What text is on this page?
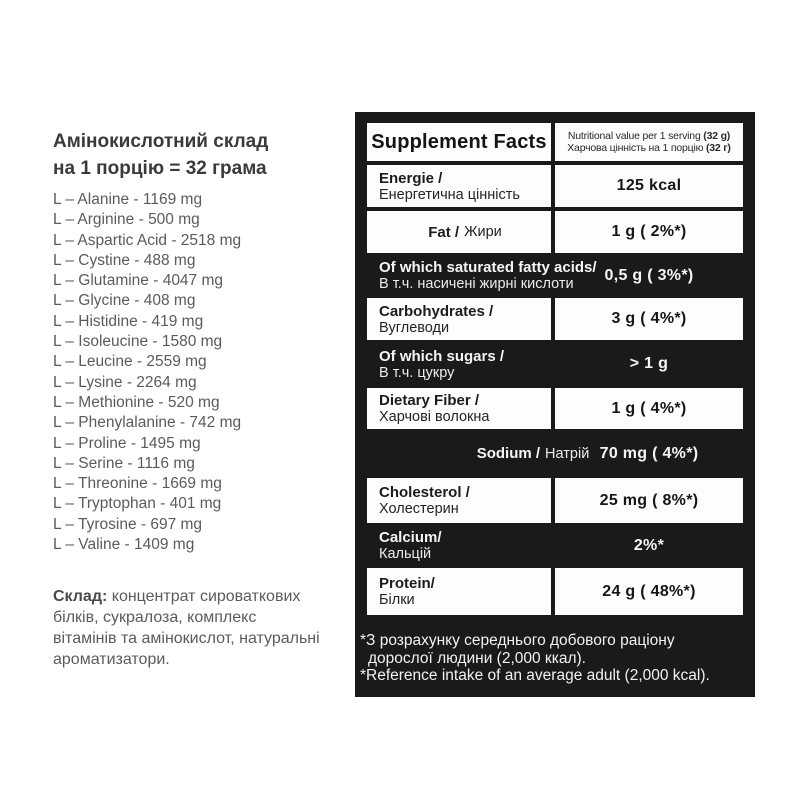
Амінокислотний склад
на 1 порцію = 32 грама
L – Alanine - 1169 mg
L – Arginine - 500 mg
L – Aspartic Acid - 2518 mg
L – Cystine - 488 mg
L – Glutamine - 4047 mg
L – Glycine - 408 mg
L – Histidine - 419 mg
L – Isoleucine - 1580 mg
L – Leucine - 2559 mg
L – Lysine - 2264 mg
L – Methionine - 520 mg
L – Phenylalanine - 742 mg
L – Proline - 1495 mg
L – Serine - 1116 mg
L – Threonine - 1669 mg
L – Tryptophan - 401 mg
L – Tyrosine - 697 mg
L – Valine - 1409 mg

Склад: концентрат сироваткових
білків, сукралоза, комплекс
вітамінів та амінокислот, натуральні
ароматизатори.

Supplement Facts	Nutritional value per 1 serving (32 g)
Харчова цінність на 1 порцію (32 г)
Energie /
Енергетична цінність
125 kcal
Fat / Жири	1 g ( 2%*)
Of which saturated fatty acids/
В т.ч. насичені жирні кислоти
0,5 g ( 3%*)
Carbohydrates /
Вуглеводи
3 g ( 4%*)
Of which sugars /
В т.ч. цукру
> 1 g
Dietary Fiber /
Харчові волокна
1 g ( 4%*)
Sodium / Натрій 70 mg ( 4%*)
Cholesterol /
Холестерин
25 mg ( 8%*)
Calcium/
Кальцій
2%*
Protein/
Білки
24 g ( 48%*)
*З розрахунку середнього добового раціону
дорослої людини (2,000 ккал).
*Reference intake of an average adult (2,000 kcal).
